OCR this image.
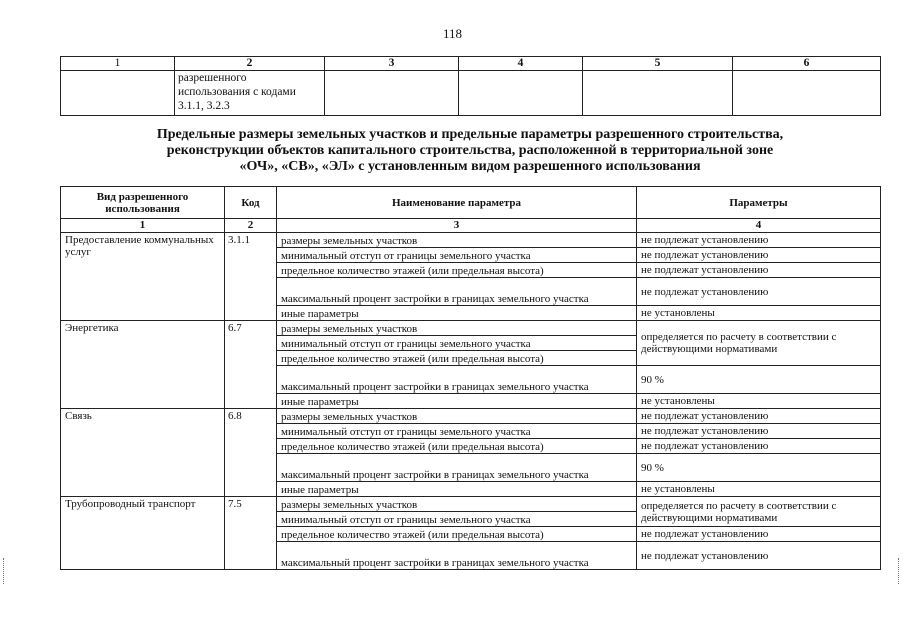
118
1	2	3	4	5	6
	разрешенного использования с кодами 3.1.1, 3.2.3				
Предельные размеры земельных участков и предельные параметры разрешенного строительства,
реконструкции объектов капитального строительства, расположенной в территориальной зоне
«ОЧ», «СВ», «ЭЛ» с установленным видом разрешенного использования
Вид разрешенного использования	Код	Наименование параметра	Параметры
1	2	3	4
Предоставление коммунальных услуг	3.1.1	размеры земельных участков	не подлежат установлению
		минимальный отступ от границы земельного участка	не подлежат установлению
		предельное количество этажей (или предельная высота)	не подлежат установлению
		максимальный процент застройки в границах земельного участка	не подлежат установлению
		иные параметры	не установлены
Энергетика	6.7	размеры земельных участков	определяется по расчету в соответствии с действующими нормативами
		минимальный отступ от границы земельного участка	
		предельное количество этажей (или предельная высота)	
		максимальный процент застройки в границах земельного участка	90 %
		иные параметры	не установлены
Связь	6.8	размеры земельных участков	не подлежат установлению
		минимальный отступ от границы земельного участка	не подлежат установлению
		предельное количество этажей (или предельная высота)	не подлежат установлению
		максимальный процент застройки в границах земельного участка	90 %
		иные параметры	не установлены
Трубопроводный транспорт	7.5	размеры земельных участков	определяется по расчету в соответствии с действующими нормативами
		минимальный отступ от границы земельного участка	
		предельное количество этажей (или предельная высота)	не подлежат установлению
		максимальный процент застройки в границах земельного участка	не подлежат установлению
